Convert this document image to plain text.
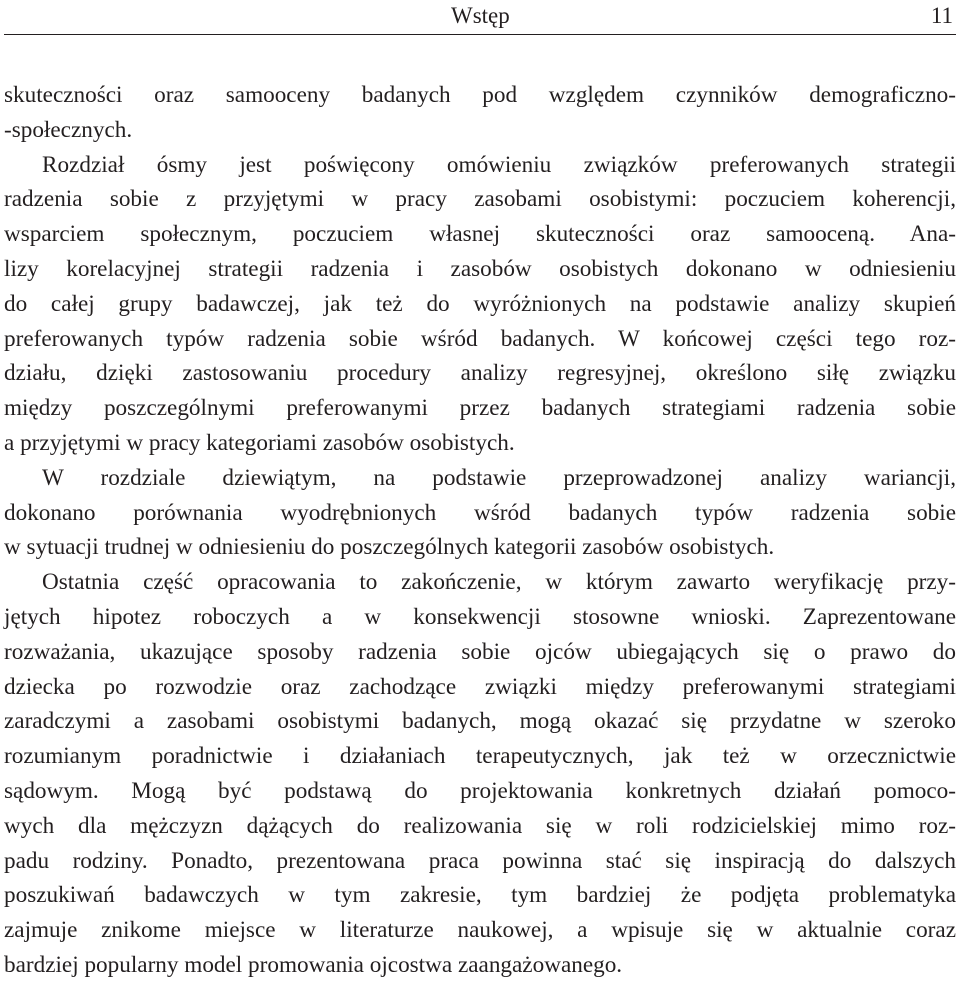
Wstęp	11
skuteczności oraz samooceny badanych pod względem czynników demograficzno-
-społecznych.
Rozdział ósmy jest poświęcony omówieniu związków preferowanych strategii
radzenia sobie z przyjętymi w pracy zasobami osobistymi: poczuciem koherencji,
wsparciem społecznym, poczuciem własnej skuteczności oraz samooceną. Ana-
lizy korelacyjnej strategii radzenia i zasobów osobistych dokonano w odniesieniu
do całej grupy badawczej, jak też do wyróżnionych na podstawie analizy skupień
preferowanych typów radzenia sobie wśród badanych. W końcowej części tego roz-
działu, dzięki zastosowaniu procedury analizy regresyjnej, określono siłę związku
między poszczególnymi preferowanymi przez badanych strategiami radzenia sobie
a przyjętymi w pracy kategoriami zasobów osobistych.
W rozdziale dziewiątym, na podstawie przeprowadzonej analizy wariancji,
dokonano porównania wyodrębnionych wśród badanych typów radzenia sobie
w sytuacji trudnej w odniesieniu do poszczególnych kategorii zasobów osobistych.
Ostatnia część opracowania to zakończenie, w którym zawarto weryfikację przy-
jętych hipotez roboczych a w konsekwencji stosowne wnioski. Zaprezentowane
rozważania, ukazujące sposoby radzenia sobie ojców ubiegających się o prawo do
dziecka po rozwodzie oraz zachodzące związki między preferowanymi strategiami
zaradczymi a zasobami osobistymi badanych, mogą okazać się przydatne w szeroko
rozumianym poradnictwie i działaniach terapeutycznych, jak też w orzecznictwie
sądowym. Mogą być podstawą do projektowania konkretnych działań pomoco-
wych dla mężczyzn dążących do realizowania się w roli rodzicielskiej mimo roz-
padu rodziny. Ponadto, prezentowana praca powinna stać się inspiracją do dalszych
poszukiwań badawczych w tym zakresie, tym bardziej że podjęta problematyka
zajmuje znikome miejsce w literaturze naukowej, a wpisuje się w aktualnie coraz
bardziej popularny model promowania ojcostwa zaangażowanego.
